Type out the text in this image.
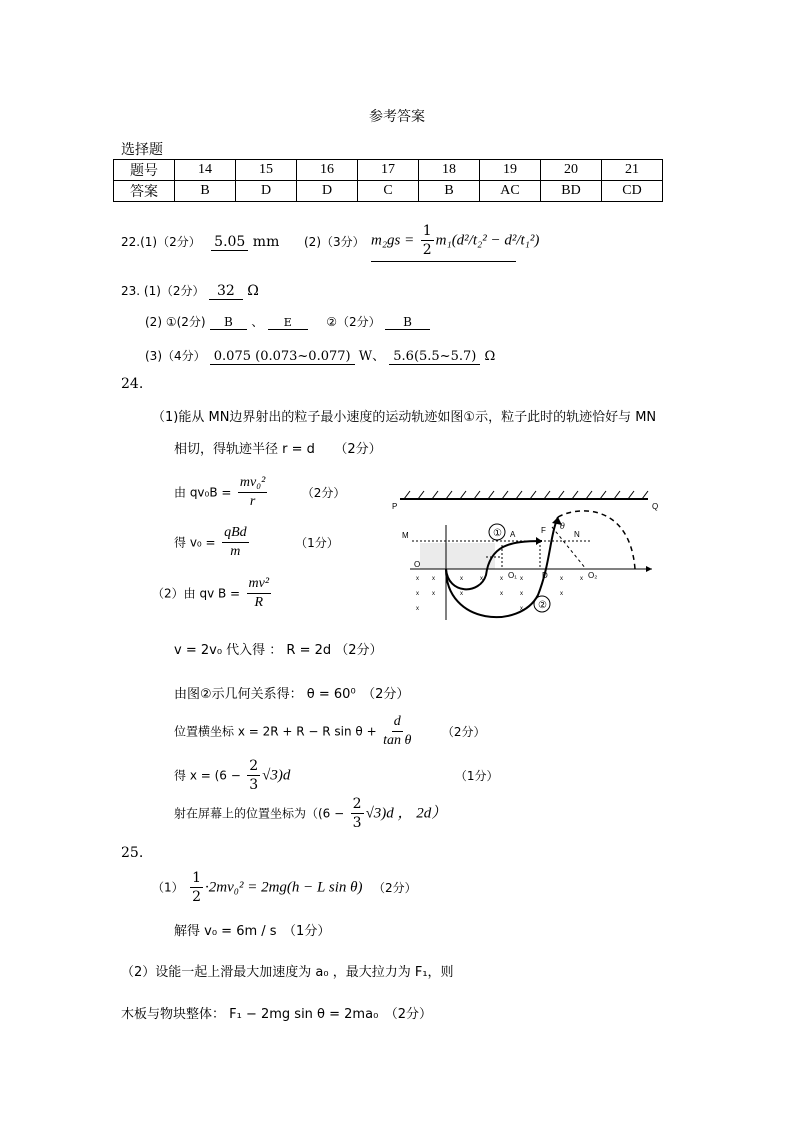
参考答案
选择题
题号	14	15	16	17	18	19	20	21
答案	B	D	D	C	B	AC	BD	CD
22.(1)（2分） 5.05 mm (2)（3分） $m_2gs = \frac{1}{2} m_1(d^2/t_2^2 - d^2/t_1^2)$
23. (1)（2分） 32 Ω
(2) ①(2分) B 、 E	②（2分） B
(3)（4分） 0.075 (0.073~0.077) W、 5.6(5.5~5.7) Ω
24.
（1)能从 MN边界射出的粒子最小速度的运动轨迹如图①示，粒子此时的轨迹恰好与 MN
相切，得轨迹半径 r = d　　（2分）
由 $qv_0B = \frac{\text{mv₀²}}{r}$	（2分）
得 $v_0 = \frac{\text{qBd}}{m}$	（1分）
（2）由 qv $B = \frac{\text{mv²}}{R}$
v = 2v₀ 代入得 ： R = 2d （2分）
由图②示几何关系得： θ = 60⁰　（2分）
位置横坐标 x = 2R + R − R $\sin \theta + \frac{d}{\text{tan θ}}$	（2分）
得 $x = (6 - \frac{2}{3} √3)d$	（1分）
射在屏幕上的位置坐标为（$(6 - \frac{2}{3} √3)d$ ， 2d）
P	Q
M	N
O
x x	x	x	x	x	x	x
x x	x	x	x	x
x	x
①
②
A	F θ
D
O₁	O₂
25.
$(1) \frac{1}{2} \cdot 2mv_0^2 = 2mg(h - L$ sin θ) （2分）
解得 v₀ = 6m / s　（1分）
（2）设能一起上滑最大加速度为 a₀ ，最大拉力为 F₁，则
木板与物块整体： F₁ − 2mg sin θ = 2ma₀　（2分）
